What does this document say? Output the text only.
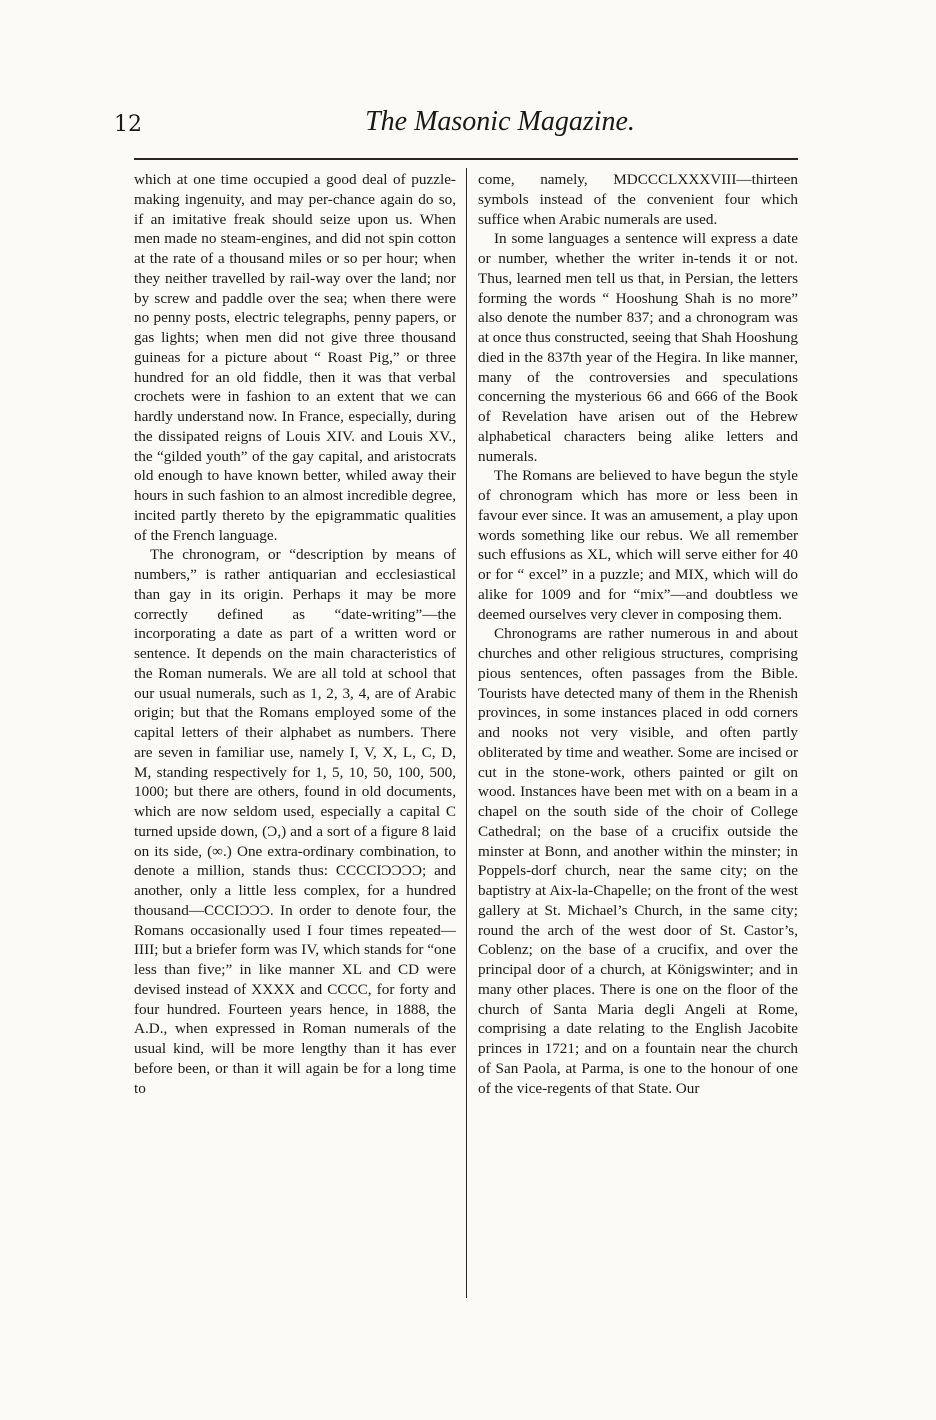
12	The Masonic Magazine.

which at one time occupied a good deal of puzzle-making ingenuity, and may per-chance again do so, if an imitative freak should seize upon us. When men made no steam-engines, and did not spin cotton at the rate of a thousand miles or so per hour; when they neither travelled by rail-way over the land; nor by screw and paddle over the sea; when there were no penny posts, electric telegraphs, penny papers, or gas lights; when men did not give three thousand guineas for a picture about “ Roast Pig,” or three hundred for an old fiddle, then it was that verbal crochets were in fashion to an extent that we can hardly understand now. In France, especially, during the dissipated reigns of Louis XIV. and Louis XV., the “gilded youth” of the gay capital, and aristocrats old enough to have known better, whiled away their hours in such fashion to an almost incredible degree, incited partly thereto by the epigrammatic qualities of the French language.

The chronogram, or “description by means of numbers,” is rather antiquarian and ecclesiastical than gay in its origin. Perhaps it may be more correctly defined as “date-writing”—the incorporating a date as part of a written word or sentence. It depends on the main characteristics of the Roman numerals. We are all told at school that our usual numerals, such as 1, 2, 3, 4, are of Arabic origin; but that the Romans employed some of the capital letters of their alphabet as numbers. There are seven in familiar use, namely I, V, X, L, C, D, M, standing respectively for 1, 5, 10, 50, 100, 500, 1000; but there are others, found in old documents, which are now seldom used, especially a capital C turned upside down, (Ɔ,) and a sort of a figure 8 laid on its side, (∞.) One extra-ordinary combination, to denote a million, stands thus: CCCCIƆƆƆƆ; and another, only a little less complex, for a hundred thousand—CCCIƆƆƆ. In order to denote four, the Romans occasionally used I four times repeated—IIII; but a briefer form was IV, which stands for “one less than five;” in like manner XL and CD were devised instead of XXXX and CCCC, for forty and four hundred. Fourteen years hence, in 1888, the A.D., when expressed in Roman numerals of the usual kind, will be more lengthy than it has ever before been, or than it will again be for a long time to

come, namely, MDCCCLXXXVIII—thirteen symbols instead of the convenient four which suffice when Arabic numerals are used.

In some languages a sentence will express a date or number, whether the writer in-tends it or not. Thus, learned men tell us that, in Persian, the letters forming the words “ Hooshung Shah is no more” also denote the number 837; and a chronogram was at once thus constructed, seeing that Shah Hooshung died in the 837th year of the Hegira. In like manner, many of the controversies and speculations concerning the mysterious 66 and 666 of the Book of Revelation have arisen out of the Hebrew alphabetical characters being alike letters and numerals.

The Romans are believed to have begun the style of chronogram which has more or less been in favour ever since. It was an amusement, a play upon words something like our rebus. We all remember such effusions as XL, which will serve either for 40 or for “ excel” in a puzzle; and MIX, which will do alike for 1009 and for “mix”—and doubtless we deemed ourselves very clever in composing them.

Chronograms are rather numerous in and about churches and other religious structures, comprising pious sentences, often passages from the Bible. Tourists have detected many of them in the Rhenish provinces, in some instances placed in odd corners and nooks not very visible, and often partly obliterated by time and weather. Some are incised or cut in the stone-work, others painted or gilt on wood. Instances have been met with on a beam in a chapel on the south side of the choir of College Cathedral; on the base of a crucifix outside the minster at Bonn, and another within the minster; in Poppels-dorf church, near the same city; on the baptistry at Aix-la-Chapelle; on the front of the west gallery at St. Michael’s Church, in the same city; round the arch of the west door of St. Castor’s, Coblenz; on the base of a crucifix, and over the principal door of a church, at Königswinter; and in many other places. There is one on the floor of the church of Santa Maria degli Angeli at Rome, comprising a date relating to the English Jacobite princes in 1721; and on a fountain near the church of San Paola, at Parma, is one to the honour of one of the vice-regents of that State. Our
